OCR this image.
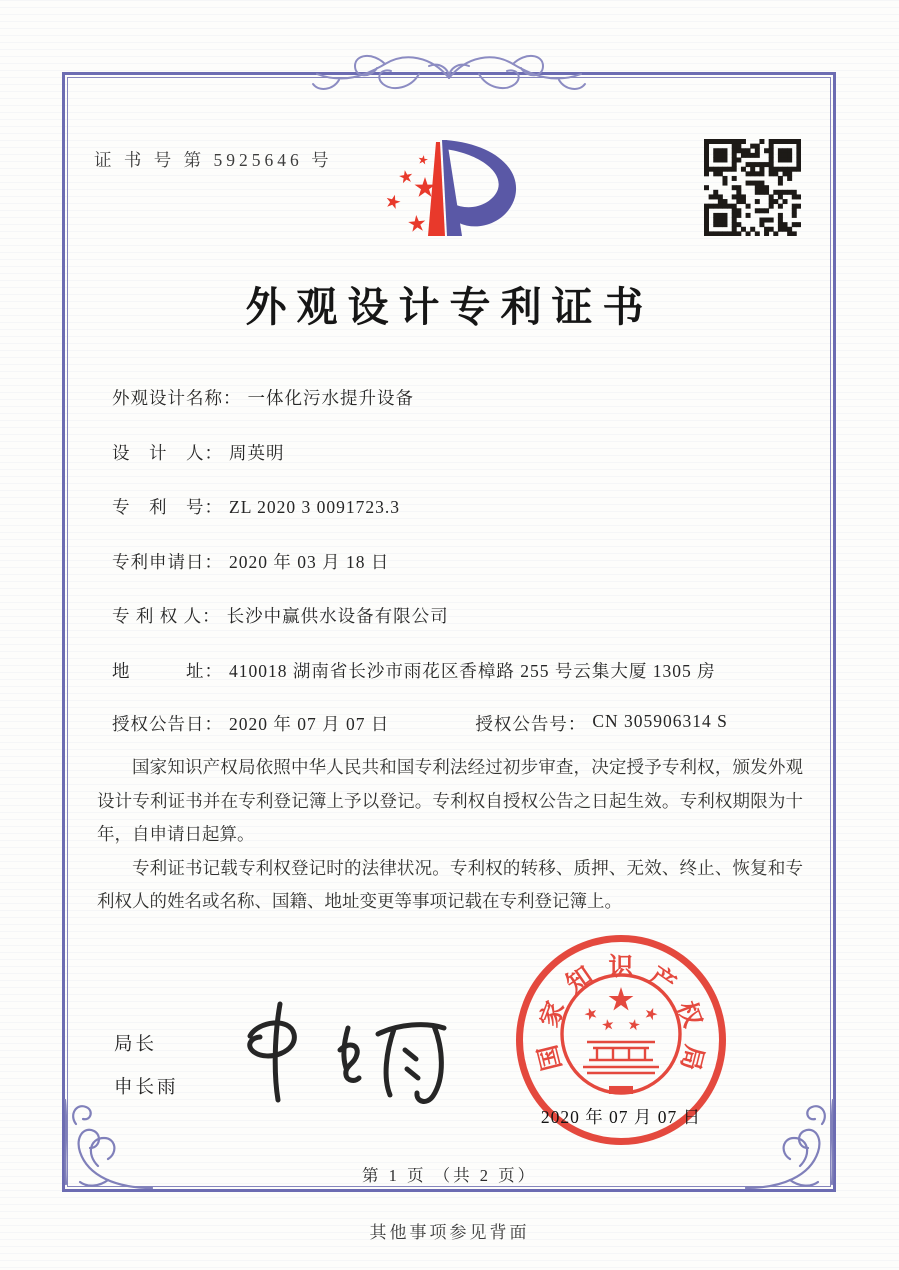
证 书 号 第 5925646 号
外观设计专利证书
外观设计名称： 一体化污水提升设备
设　计　人： 周英明
专　利　号： ZL 2020 3 0091723.3
专利申请日： 2020 年 03 月 18 日
专 利 权 人： 长沙中赢供水设备有限公司
地　　　址： 410018 湖南省长沙市雨花区香樟路 255 号云集大厦 1305 房
授权公告日： 2020 年 07 月 07 日	授权公告号： CN 305906314 S

国家知识产权局依照中华人民共和国专利法经过初步审查，决定授予专利权，颁发外观设计专利证书并在专利登记簿上予以登记。专利权自授权公告之日起生效。专利权期限为十年，自申请日起算。

专利证书记载专利权登记时的法律状况。专利权的转移、质押、无效、终止、恢复和专利权人的姓名或名称、国籍、地址变更等事项记载在专利登记簿上。

局长
申长雨
国
家
知 识 产
权
局
2020 年 07 月 07 日
第 1 页 （共 2 页）
其他事项参见背面
